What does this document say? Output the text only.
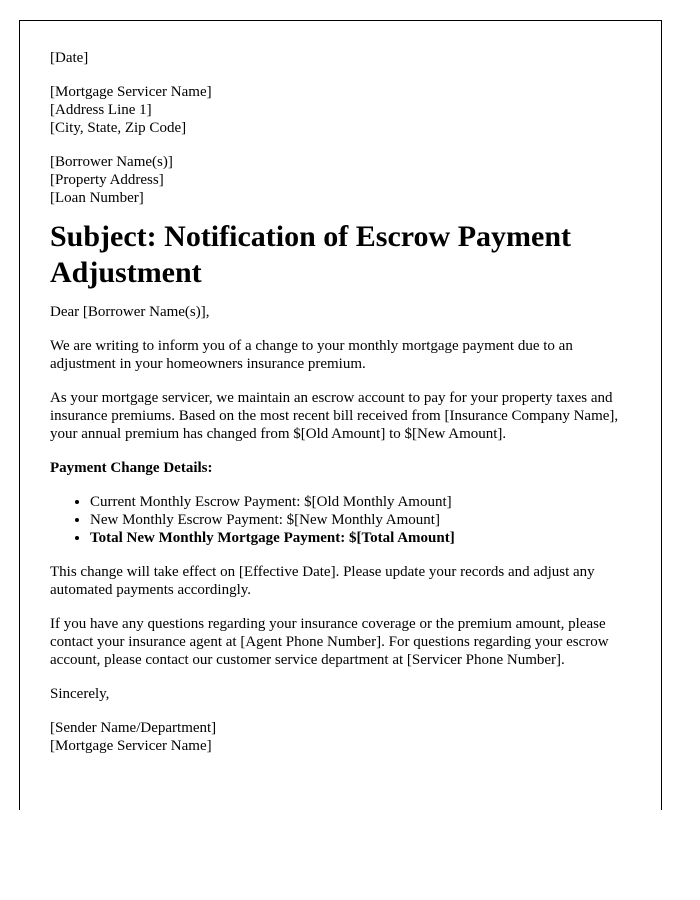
[Date]

[Mortgage Servicer Name]

[Address Line 1]

[City, State, Zip Code]

[Borrower Name(s)]

[Property Address]

[Loan Number]

Subject: Notification of Escrow Payment Adjustment

Dear [Borrower Name(s)],

We are writing to inform you of a change to your monthly mortgage payment due to an adjustment in your homeowners insurance premium.

As your mortgage servicer, we maintain an escrow account to pay for your property taxes and insurance premiums. Based on the most recent bill received from [Insurance Company Name], your annual premium has changed from $[Old Amount] to $[New Amount].

Payment Change Details:

• Current Monthly Escrow Payment: $[Old Monthly Amount]
• New Monthly Escrow Payment: $[New Monthly Amount]
• Total New Monthly Mortgage Payment: $[Total Amount]

This change will take effect on [Effective Date]. Please update your records and adjust any automated payments accordingly.

If you have any questions regarding your insurance coverage or the premium amount, please contact your insurance agent at [Agent Phone Number]. For questions regarding your escrow account, please contact our customer service department at [Servicer Phone Number].

Sincerely,

[Sender Name/Department]

[Mortgage Servicer Name]
